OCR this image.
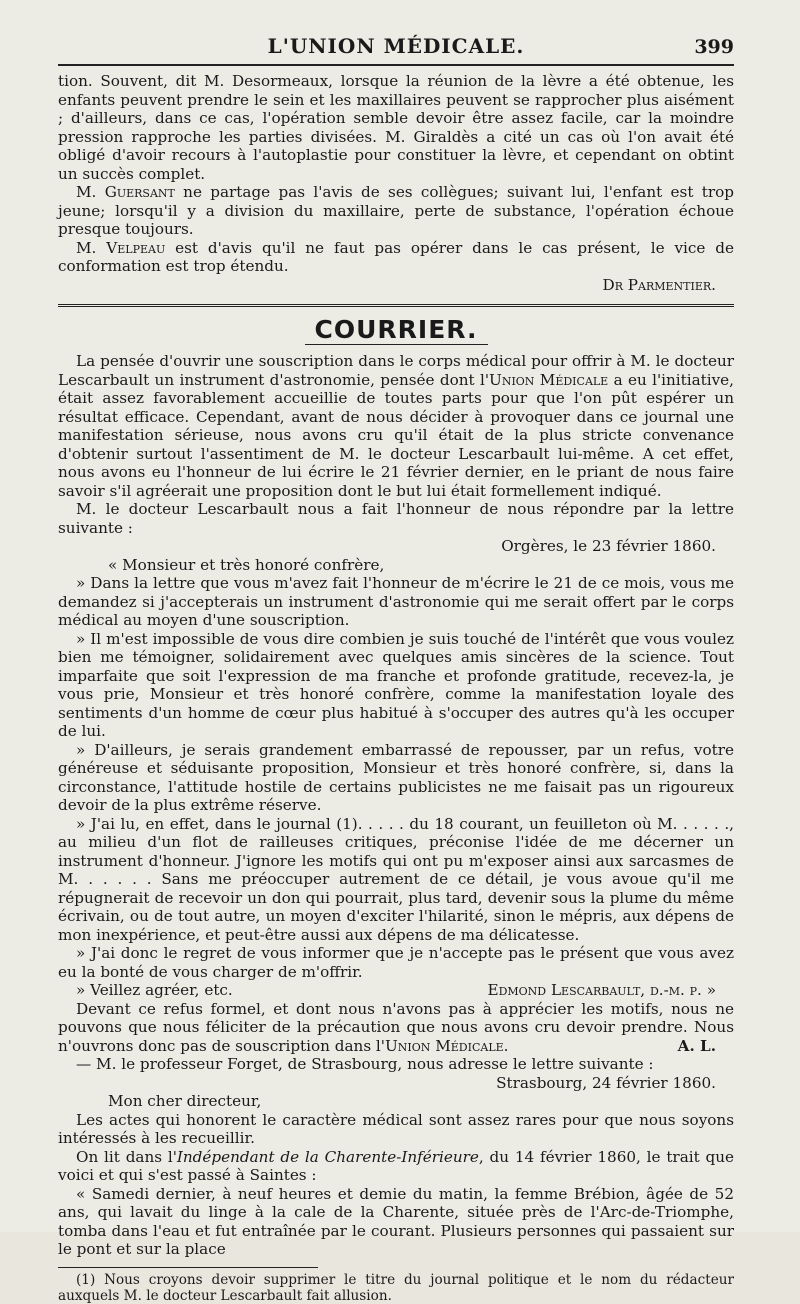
L'UNION MÉDICALE.	399

tion. Souvent, dit M. Desormeaux, lorsque la réunion de la lèvre a été obtenue, les enfants peuvent prendre le sein et les maxillaires peuvent se rapprocher plus aisément ; d'ailleurs, dans ce cas, l'opération semble devoir être assez facile, car la moindre pression rapproche les parties divisées. M. Giraldès a cité un cas où l'on avait été obligé d'avoir recours à l'autoplastie pour constituer la lèvre, et cependant on obtint un succès complet.

M. Guersant ne partage pas l'avis de ses collègues; suivant lui, l'enfant est trop jeune; lorsqu'il y a division du maxillaire, perte de substance, l'opération échoue presque toujours.

M. Velpeau est d'avis qu'il ne faut pas opérer dans le cas présent, le vice de conformation est trop étendu.

Dr Parmentier.

COURRIER.

La pensée d'ouvrir une souscription dans le corps médical pour offrir à M. le docteur Lescarbault un instrument d'astronomie, pensée dont l'Union Médicale a eu l'initiative, était assez favorablement accueillie de toutes parts pour que l'on pût espérer un résultat efficace. Cependant, avant de nous décider à provoquer dans ce journal une manifestation sérieuse, nous avons cru qu'il était de la plus stricte convenance d'obtenir surtout l'assentiment de M. le docteur Lescarbault lui-même. A cet effet, nous avons eu l'honneur de lui écrire le 21 février dernier, en le priant de nous faire savoir s'il agréerait une proposition dont le but lui était formellement indiqué.

M. le docteur Lescarbault nous a fait l'honneur de nous répondre par la lettre suivante :

Orgères, le 23 février 1860.

« Monsieur et très honoré confrère,

» Dans la lettre que vous m'avez fait l'honneur de m'écrire le 21 de ce mois, vous me demandez si j'accepterais un instrument d'astronomie qui me serait offert par le corps médical au moyen d'une souscription.

» Il m'est impossible de vous dire combien je suis touché de l'intérêt que vous voulez bien me témoigner, solidairement avec quelques amis sincères de la science. Tout imparfaite que soit l'expression de ma franche et profonde gratitude, recevez-la, je vous prie, Monsieur et très honoré confrère, comme la manifestation loyale des sentiments d'un homme de cœur plus habitué à s'occuper des autres qu'à les occuper de lui.

» D'ailleurs, je serais grandement embarrassé de repousser, par un refus, votre généreuse et séduisante proposition, Monsieur et très honoré confrère, si, dans la circonstance, l'attitude hostile de certains publicistes ne me faisait pas un rigoureux devoir de la plus extrême réserve.

» J'ai lu, en effet, dans le journal (1). . . . . du 18 courant, un feuilleton où M. . . . . ., au milieu d'un flot de railleuses critiques, préconise l'idée de me décerner un instrument d'honneur. J'ignore les motifs qui ont pu m'exposer ainsi aux sarcasmes de M. . . . . . Sans me préoccuper autrement de ce détail, je vous avoue qu'il me répugnerait de recevoir un don qui pourrait, plus tard, devenir sous la plume du même écrivain, ou de tout autre, un moyen d'exciter l'hilarité, sinon le mépris, aux dépens de mon inexpérience, et peut-être aussi aux dépens de ma délicatesse.

» J'ai donc le regret de vous informer que je n'accepte pas le présent que vous avez eu la bonté de vous charger de m'offrir.

» Veillez agréer, etc.	Edmond Lescarbault, d.-m. p. »

Devant ce refus formel, et dont nous n'avons pas à apprécier les motifs, nous ne pouvons que nous féliciter de la précaution que nous avons cru devoir prendre. Nous n'ouvrons donc pas de souscription dans l'Union Médicale.	A. L.

— M. le professeur Forget, de Strasbourg, nous adresse le lettre suivante :

Strasbourg, 24 février 1860.

Mon cher directeur,

Les actes qui honorent le caractère médical sont assez rares pour que nous soyons intéressés à les recueillir.

On lit dans l'Indépendant de la Charente-Inférieure, du 14 février 1860, le trait que voici et qui s'est passé à Saintes :

« Samedi dernier, à neuf heures et demie du matin, la femme Brébion, âgée de 52 ans, qui lavait du linge à la cale de la Charente, située près de l'Arc-de-Triomphe, tomba dans l'eau et fut entraînée par le courant. Plusieurs personnes qui passaient sur le pont et sur la place

(1) Nous croyons devoir supprimer le titre du journal politique et le nom du rédacteur auxquels M. le docteur Lescarbault fait allusion.
